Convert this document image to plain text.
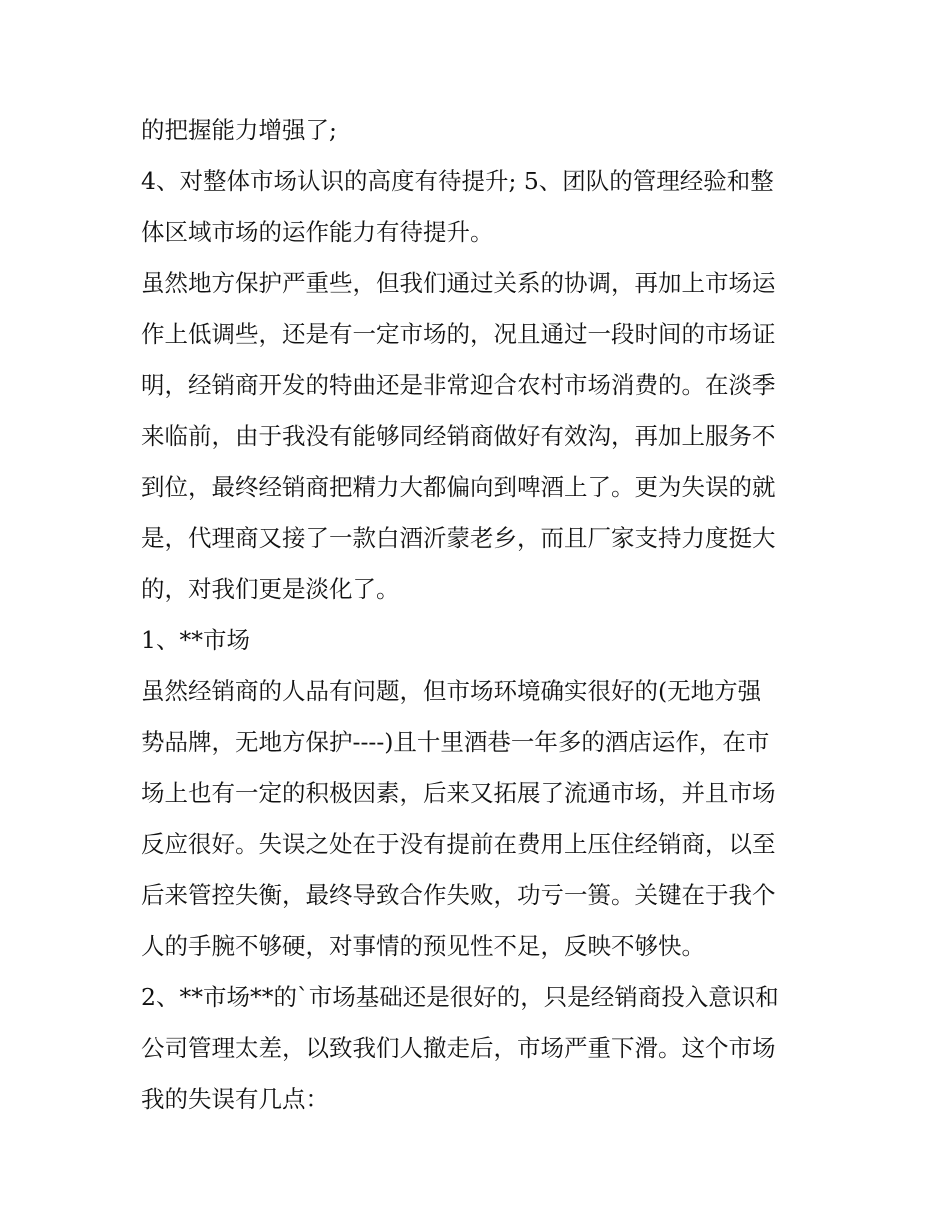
的把握能力增强了;
4、对整体市场认识的高度有待提升; 5、团队的管理经验和整
体区域市场的运作能力有待提升。
虽然地方保护严重些，但我们通过关系的协调，再加上市场运
作上低调些，还是有一定市场的，况且通过一段时间的市场证
明，经销商开发的特曲还是非常迎合农村市场消费的。在淡季
来临前，由于我没有能够同经销商做好有效沟，再加上服务不
到位，最终经销商把精力大都偏向到啤酒上了。更为失误的就
是，代理商又接了一款白酒沂蒙老乡，而且厂家支持力度挺大
的，对我们更是淡化了。
1、**市场
虽然经销商的人品有问题，但市场环境确实很好的(无地方强
势品牌，无地方保护----)且十里酒巷一年多的酒店运作，在市
场上也有一定的积极因素，后来又拓展了流通市场，并且市场
反应很好。失误之处在于没有提前在费用上压住经销商，以至
后来管控失衡，最终导致合作失败，功亏一篑。关键在于我个
人的手腕不够硬，对事情的预见性不足，反映不够快。
2、**市场**的`市场基础还是很好的，只是经销商投入意识和
公司管理太差，以致我们人撤走后，市场严重下滑。这个市场
我的失误有几点：
